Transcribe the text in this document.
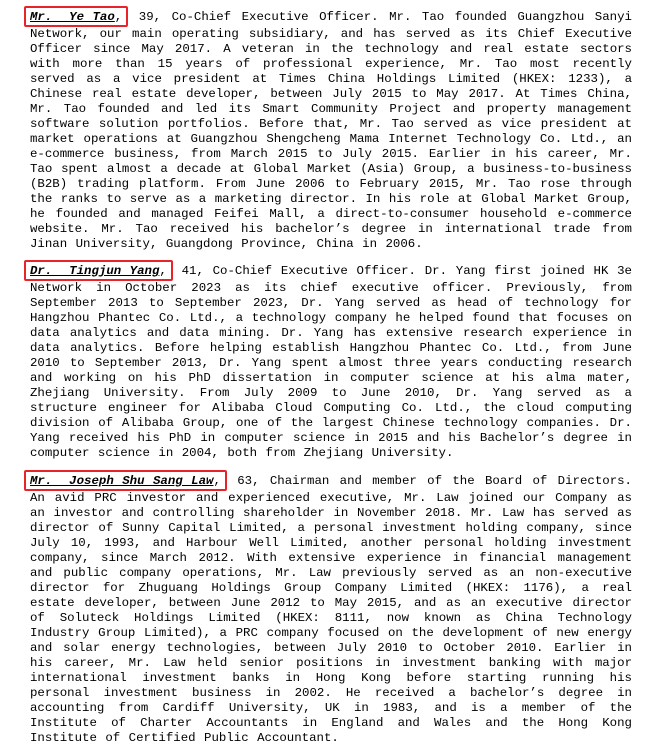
Mr.  Ye Tao, 39, Co-Chief Executive Officer. Mr. Tao founded Guangzhou Sanyi Network, our main operating subsidiary, and has served as its Chief Executive Officer since May 2017. A veteran in the technology and real estate sectors with more than 15 years of professional experience, Mr. Tao most recently served as a vice president at Times China Holdings Limited (HKEX: 1233), a Chinese real estate developer, between July 2015 to May 2017. At Times China, Mr. Tao founded and led its Smart Community Project and property management software solution portfolios. Before that, Mr. Tao served as vice president at market operations at Guangzhou Shengcheng Mama Internet Technology Co. Ltd., an e-commerce business, from March 2015 to July 2015. Earlier in his career, Mr. Tao spent almost a decade at Global Market (Asia) Group, a business-to-business (B2B) trading platform. From June 2006 to February 2015, Mr. Tao rose through the ranks to serve as a marketing director. In his role at Global Market Group, he founded and managed Feifei Mall, a direct-to-consumer household e-commerce website. Mr. Tao received his bachelor’s degree in international trade from Jinan University, Guangdong Province, China in 2006.

Dr.  Tingjun Yang, 41, Co-Chief Executive Officer. Dr. Yang first joined HK 3e Network in October 2023 as its chief executive officer. Previously, from September 2013 to September 2023, Dr. Yang served as head of technology for Hangzhou Phantec Co. Ltd., a technology company he helped found that focuses on data analytics and data mining. Dr. Yang has extensive research experience in data analytics. Before helping establish Hangzhou Phantec Co. Ltd., from June 2010 to September 2013, Dr. Yang spent almost three years conducting research and working on his PhD dissertation in computer science at his alma mater, Zhejiang University. From July 2009 to June 2010, Dr. Yang served as a structure engineer for Alibaba Cloud Computing Co. Ltd., the cloud computing division of Alibaba Group, one of the largest Chinese technology companies. Dr. Yang received his PhD in computer science in 2015 and his Bachelor’s degree in computer science in 2004, both from Zhejiang University.

Mr.  Joseph Shu Sang Law, 63, Chairman and member of the Board of Directors. An avid PRC investor and experienced executive, Mr. Law joined our Company as an investor and controlling shareholder in November 2018. Mr. Law has served as director of Sunny Capital Limited, a personal investment holding company, since July 10, 1993, and Harbour Well Limited, another personal holding investment company, since March 2012. With extensive experience in financial management and public company operations, Mr. Law previously served as an non-executive director for Zhuguang Holdings Group Company Limited (HKEX: 1176), a real estate developer, between June 2012 to May 2015, and as an executive director of Soluteck Holdings Limited (HKEX: 8111, now known as China Technology Industry Group Limited), a PRC company focused on the development of new energy and solar energy technologies, between July 2010 to October 2010. Earlier in his career, Mr. Law held senior positions in investment banking with major international investment banks in Hong Kong before starting running his personal investment business in 2002. He received a bachelor’s degree in accounting from Cardiff University, UK in 1983, and is a member of the Institute of Charter Accountants in England and Wales and the Hong Kong Institute of Certified Public Accountant.
